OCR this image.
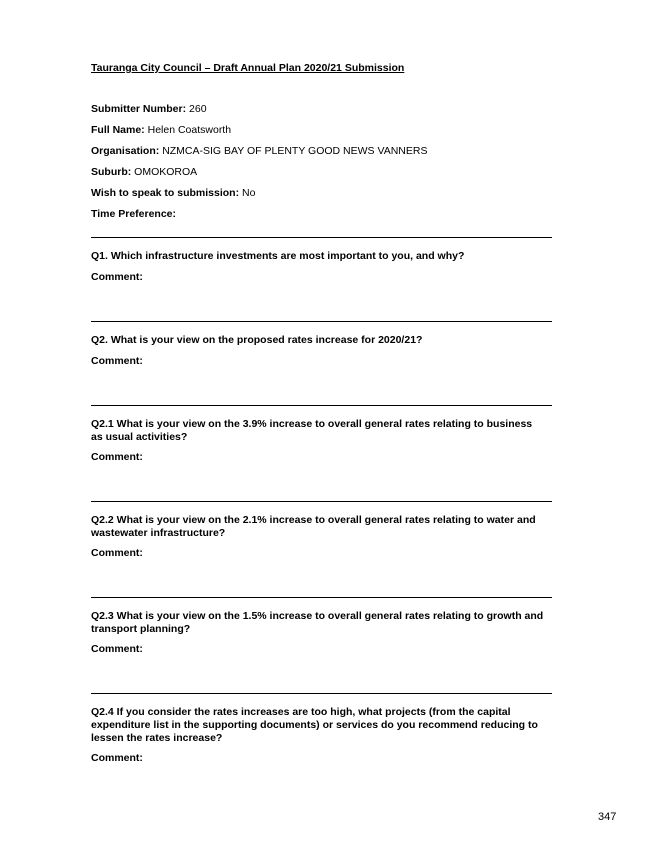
Tauranga City Council – Draft Annual Plan 2020/21 Submission
Submitter Number: 260
Full Name: Helen Coatsworth
Organisation: NZMCA-SIG BAY OF PLENTY GOOD NEWS VANNERS
Suburb: OMOKOROA
Wish to speak to submission: No
Time Preference:
Q1. Which infrastructure investments are most important to you, and why?
Comment:
Q2. What is your view on the proposed rates increase for 2020/21?
Comment:
Q2.1 What is your view on the 3.9% increase to overall general rates relating to business as usual activities?
Comment:
Q2.2 What is your view on the 2.1% increase to overall general rates relating to water and wastewater infrastructure?
Comment:
Q2.3 What is your view on the 1.5% increase to overall general rates relating to growth and transport planning?
Comment:
Q2.4 If you consider the rates increases are too high, what projects (from the capital expenditure list in the supporting documents) or services do you recommend reducing to lessen the rates increase?
Comment:
347
